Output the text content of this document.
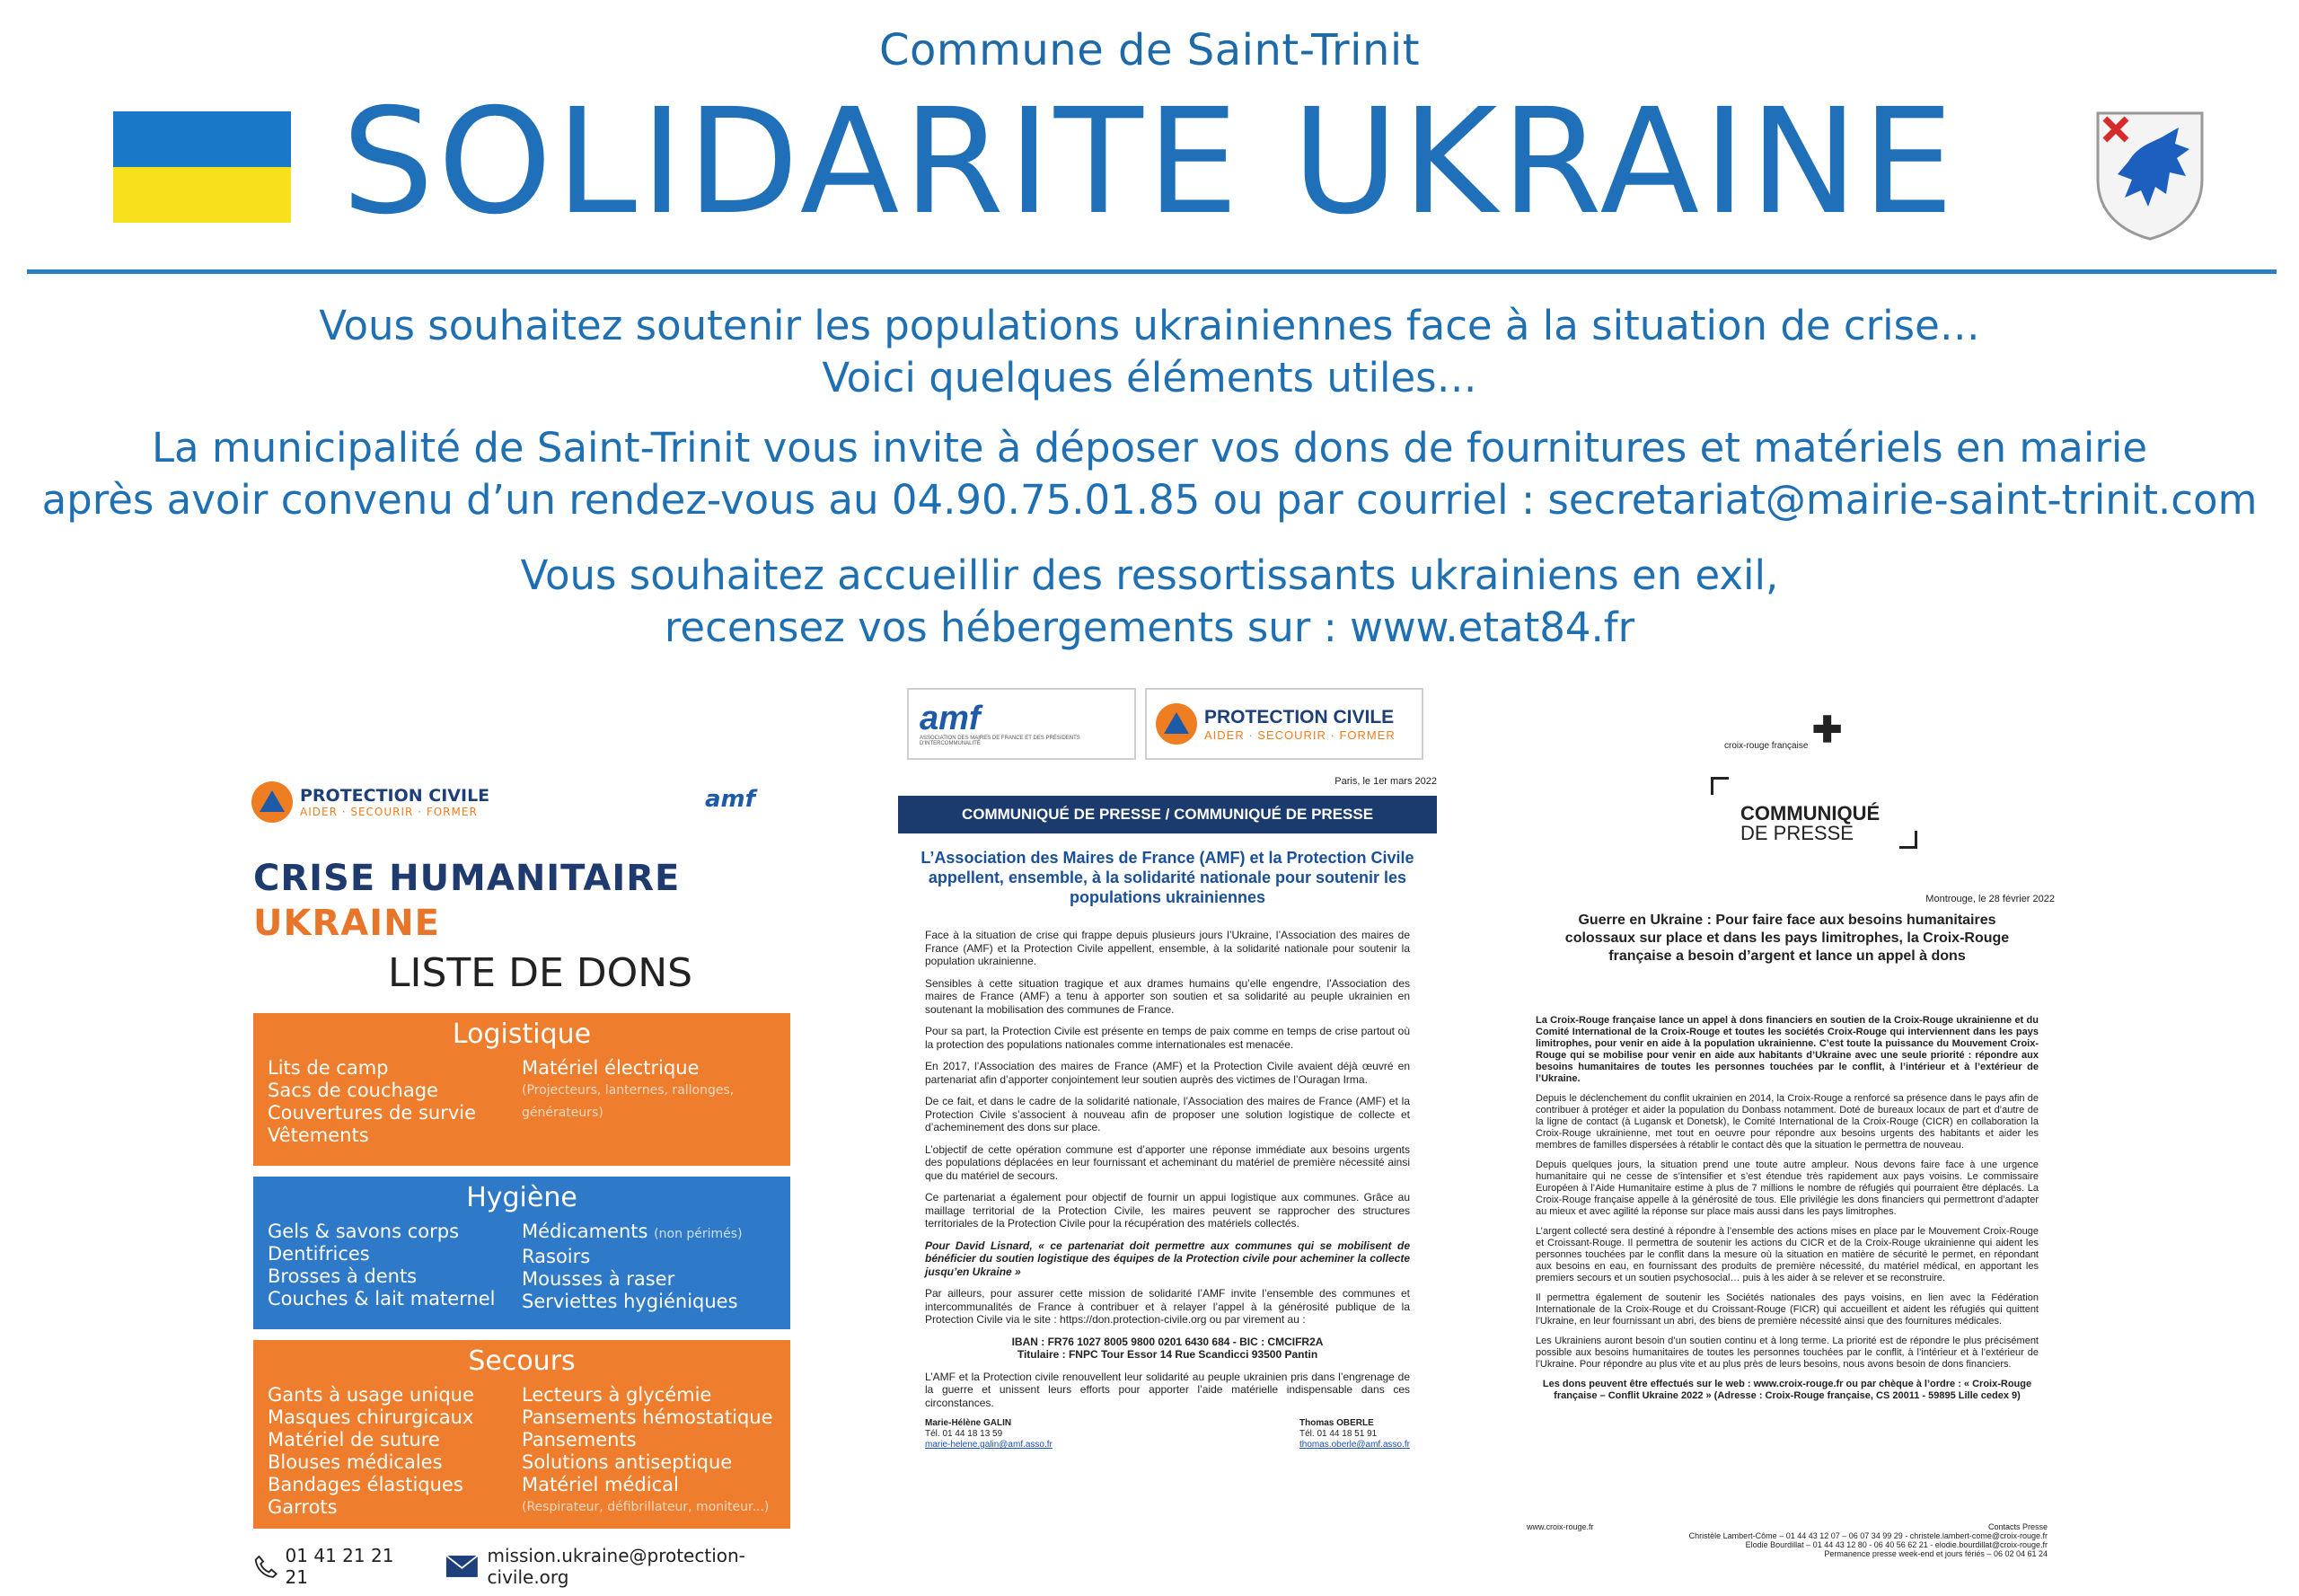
Commune de Saint-Trinit
SOLIDARITE UKRAINE
Vous souhaitez soutenir les populations ukrainiennes face à la situation de crise…
Voici quelques éléments utiles…
La municipalité de Saint-Trinit vous invite à déposer vos dons de fournitures et matériels en mairie
après avoir convenu d’un rendez-vous au 04.90.75.01.85 ou par courriel : secretariat@mairie-saint-trinit.com
Vous souhaitez accueillir des ressortissants ukrainiens en exil,
recensez vos hébergements sur : www.etat84.fr
PROTECTION CIVILE
AIDER · SECOURIR · FORMER	amf
CRISE HUMANITAIRE
UKRAINE
LISTE DE DONS
Logistique
Lits de camp
Sacs de couchage
Couvertures de survie
Vêtements
Matériel électrique
(Projecteurs, lanternes, rallonges, générateurs)
Hygiène
Gels & savons corps
Dentifrices
Brosses à dents
Couches & lait maternel
Médicaments (non périmés)
Rasoirs
Mousses à raser
Serviettes hygiéniques
Secours
Gants à usage unique
Masques chirurgicaux
Matériel de suture
Blouses médicales
Bandages élastiques
Garrots
Lecteurs à glycémie
Pansements hémostatique
Pansements
Solutions antiseptique
Matériel médical
(Respirateur, défibrillateur, moniteur...)
01 41 21 21 21
mission.ukraine@protection-civile.org
amf
ASSOCIATION DES MAIRES DE FRANCE ET DES PRÉSIDENTS D'INTERCOMMUNALITÉ
PROTECTION CIVILE
AIDER · SECOURIR · FORMER
Paris, le 1er mars 2022
COMMUNIQUÉ DE PRESSE / COMMUNIQUÉ DE PRESSE
L’Association des Maires de France (AMF) et la Protection Civile appellent, ensemble, à la solidarité nationale pour soutenir les populations ukrainiennes

Face à la situation de crise qui frappe depuis plusieurs jours l’Ukraine, l’Association des maires de France (AMF) et la Protection Civile appellent, ensemble, à la solidarité nationale pour soutenir la population ukrainienne.

Sensibles à cette situation tragique et aux drames humains qu’elle engendre, l’Association des maires de France (AMF) a tenu à apporter son soutien et sa solidarité au peuple ukrainien en soutenant la mobilisation des communes de France.

Pour sa part, la Protection Civile est présente en temps de paix comme en temps de crise partout où la protection des populations nationales comme internationales est menacée.

En 2017, l’Association des maires de France (AMF) et la Protection Civile avaient déjà œuvré en partenariat afin d’apporter conjointement leur soutien auprès des victimes de l’Ouragan Irma.

De ce fait, et dans le cadre de la solidarité nationale, l’Association des maires de France (AMF) et la Protection Civile s’associent à nouveau afin de proposer une solution logistique de collecte et d’acheminement des dons sur place.

L’objectif de cette opération commune est d’apporter une réponse immédiate aux besoins urgents des populations déplacées en leur fournissant et acheminant du matériel de première nécessité ainsi que du matériel de secours.

Ce partenariat a également pour objectif de fournir un appui logistique aux communes. Grâce au maillage territorial de la Protection Civile, les maires peuvent se rapprocher des structures territoriales de la Protection Civile pour la récupération des matériels collectés.

Pour David Lisnard, « ce partenariat doit permettre aux communes qui se mobilisent de bénéficier du soutien logistique des équipes de la Protection civile pour acheminer la collecte jusqu’en Ukraine »

Par ailleurs, pour assurer cette mission de solidarité l’AMF invite l’ensemble des communes et intercommunalités de France à contribuer et à relayer l’appel à la générosité publique de la Protection Civile via le site : https://don.protection-civile.org ou par virement au :

IBAN : FR76 1027 8005 9800 0201 6430 684 - BIC : CMCIFR2A

Titulaire : FNPC Tour Essor 14 Rue Scandicci 93500 Pantin

L’AMF et la Protection civile renouvellent leur solidarité au peuple ukrainien pris dans l’engrenage de la guerre et unissent leurs efforts pour apporter l’aide matérielle indispensable dans ces circonstances.

Marie-Hélène GALIN
Tél. 01 44 18 13 59
marie-helene.galin@amf.asso.fr
Thomas OBERLE
Tél. 01 44 18 51 91
thomas.oberle@amf.asso.fr
croix-rouge française ✚
COMMUNIQUÉ
DE PRESSE
Montrouge, le 28 février 2022
Guerre en Ukraine : Pour faire face aux besoins humanitaires colossaux sur place et dans les pays limitrophes, la Croix-Rouge française a besoin d’argent et lance un appel à dons

La Croix-Rouge française lance un appel à dons financiers en soutien de la Croix-Rouge ukrainienne et du Comité International de la Croix-Rouge et toutes les sociétés Croix-Rouge qui interviennent dans les pays limitrophes, pour venir en aide à la population ukrainienne. C’est toute la puissance du Mouvement Croix-Rouge qui se mobilise pour venir en aide aux habitants d’Ukraine avec une seule priorité : répondre aux besoins humanitaires de toutes les personnes touchées par le conflit, à l’intérieur et à l’extérieur de l’Ukraine.

Depuis le déclenchement du conflit ukrainien en 2014, la Croix-Rouge a renforcé sa présence dans le pays afin de contribuer à protéger et aider la population du Donbass notamment. Doté de bureaux locaux de part et d’autre de la ligne de contact (à Lugansk et Donetsk), le Comité International de la Croix-Rouge (CICR) en collaboration la Croix-Rouge ukrainienne, met tout en oeuvre pour répondre aux besoins urgents des habitants et aider les membres de familles dispersées à rétablir le contact dès que la situation le permettra de nouveau.

Depuis quelques jours, la situation prend une toute autre ampleur. Nous devons faire face à une urgence humanitaire qui ne cesse de s’intensifier et s’est étendue très rapidement aux pays voisins. Le commissaire Européen à l’Aide Humanitaire estime à plus de 7 millions le nombre de réfugiés qui pourraient être déplacés. La Croix-Rouge française appelle à la générosité de tous. Elle privilégie les dons financiers qui permettront d’adapter au mieux et avec agilité la réponse sur place mais aussi dans les pays limitrophes.

L’argent collecté sera destiné à répondre à l’ensemble des actions mises en place par le Mouvement Croix-Rouge et Croissant-Rouge. Il permettra de soutenir les actions du CICR et de la Croix-Rouge ukrainienne qui aident les personnes touchées par le conflit dans la mesure où la situation en matière de sécurité le permet, en répondant aux besoins en eau, en fournissant des produits de première nécessité, du matériel médical, en apportant les premiers secours et un soutien psychosocial… puis à les aider à se relever et se reconstruire.

Il permettra également de soutenir les Sociétés nationales des pays voisins, en lien avec la Fédération Internationale de la Croix-Rouge et du Croissant-Rouge (FICR) qui accueillent et aident les réfugiés qui quittent l’Ukraine, en leur fournissant un abri, des biens de première nécessité ainsi que des fournitures médicales.

Les Ukrainiens auront besoin d’un soutien continu et à long terme. La priorité est de répondre le plus précisément possible aux besoins humanitaires de toutes les personnes touchées par le conflit, à l’intérieur et à l’extérieur de l’Ukraine. Pour répondre au plus vite et au plus près de leurs besoins, nous avons besoin de dons financiers.

Les dons peuvent être effectués sur le web : www.croix-rouge.fr ou par chèque à l’ordre : « Croix-Rouge française – Conflit Ukraine 2022 » (Adresse : Croix-Rouge française, CS 20011 - 59895 Lille cedex 9)

www.croix-rouge.fr	Contacts Presse
Christèle Lambert-Côme – 01 44 43 12 07 – 06 07 34 99 29 - christele.lambert-come@croix-rouge.fr
Elodie Bourdillat – 01 44 43 12 80 - 06 40 56 62 21 - elodie.bourdillat@croix-rouge.fr
Permanence presse week-end et jours fériés – 06 02 04 61 24
